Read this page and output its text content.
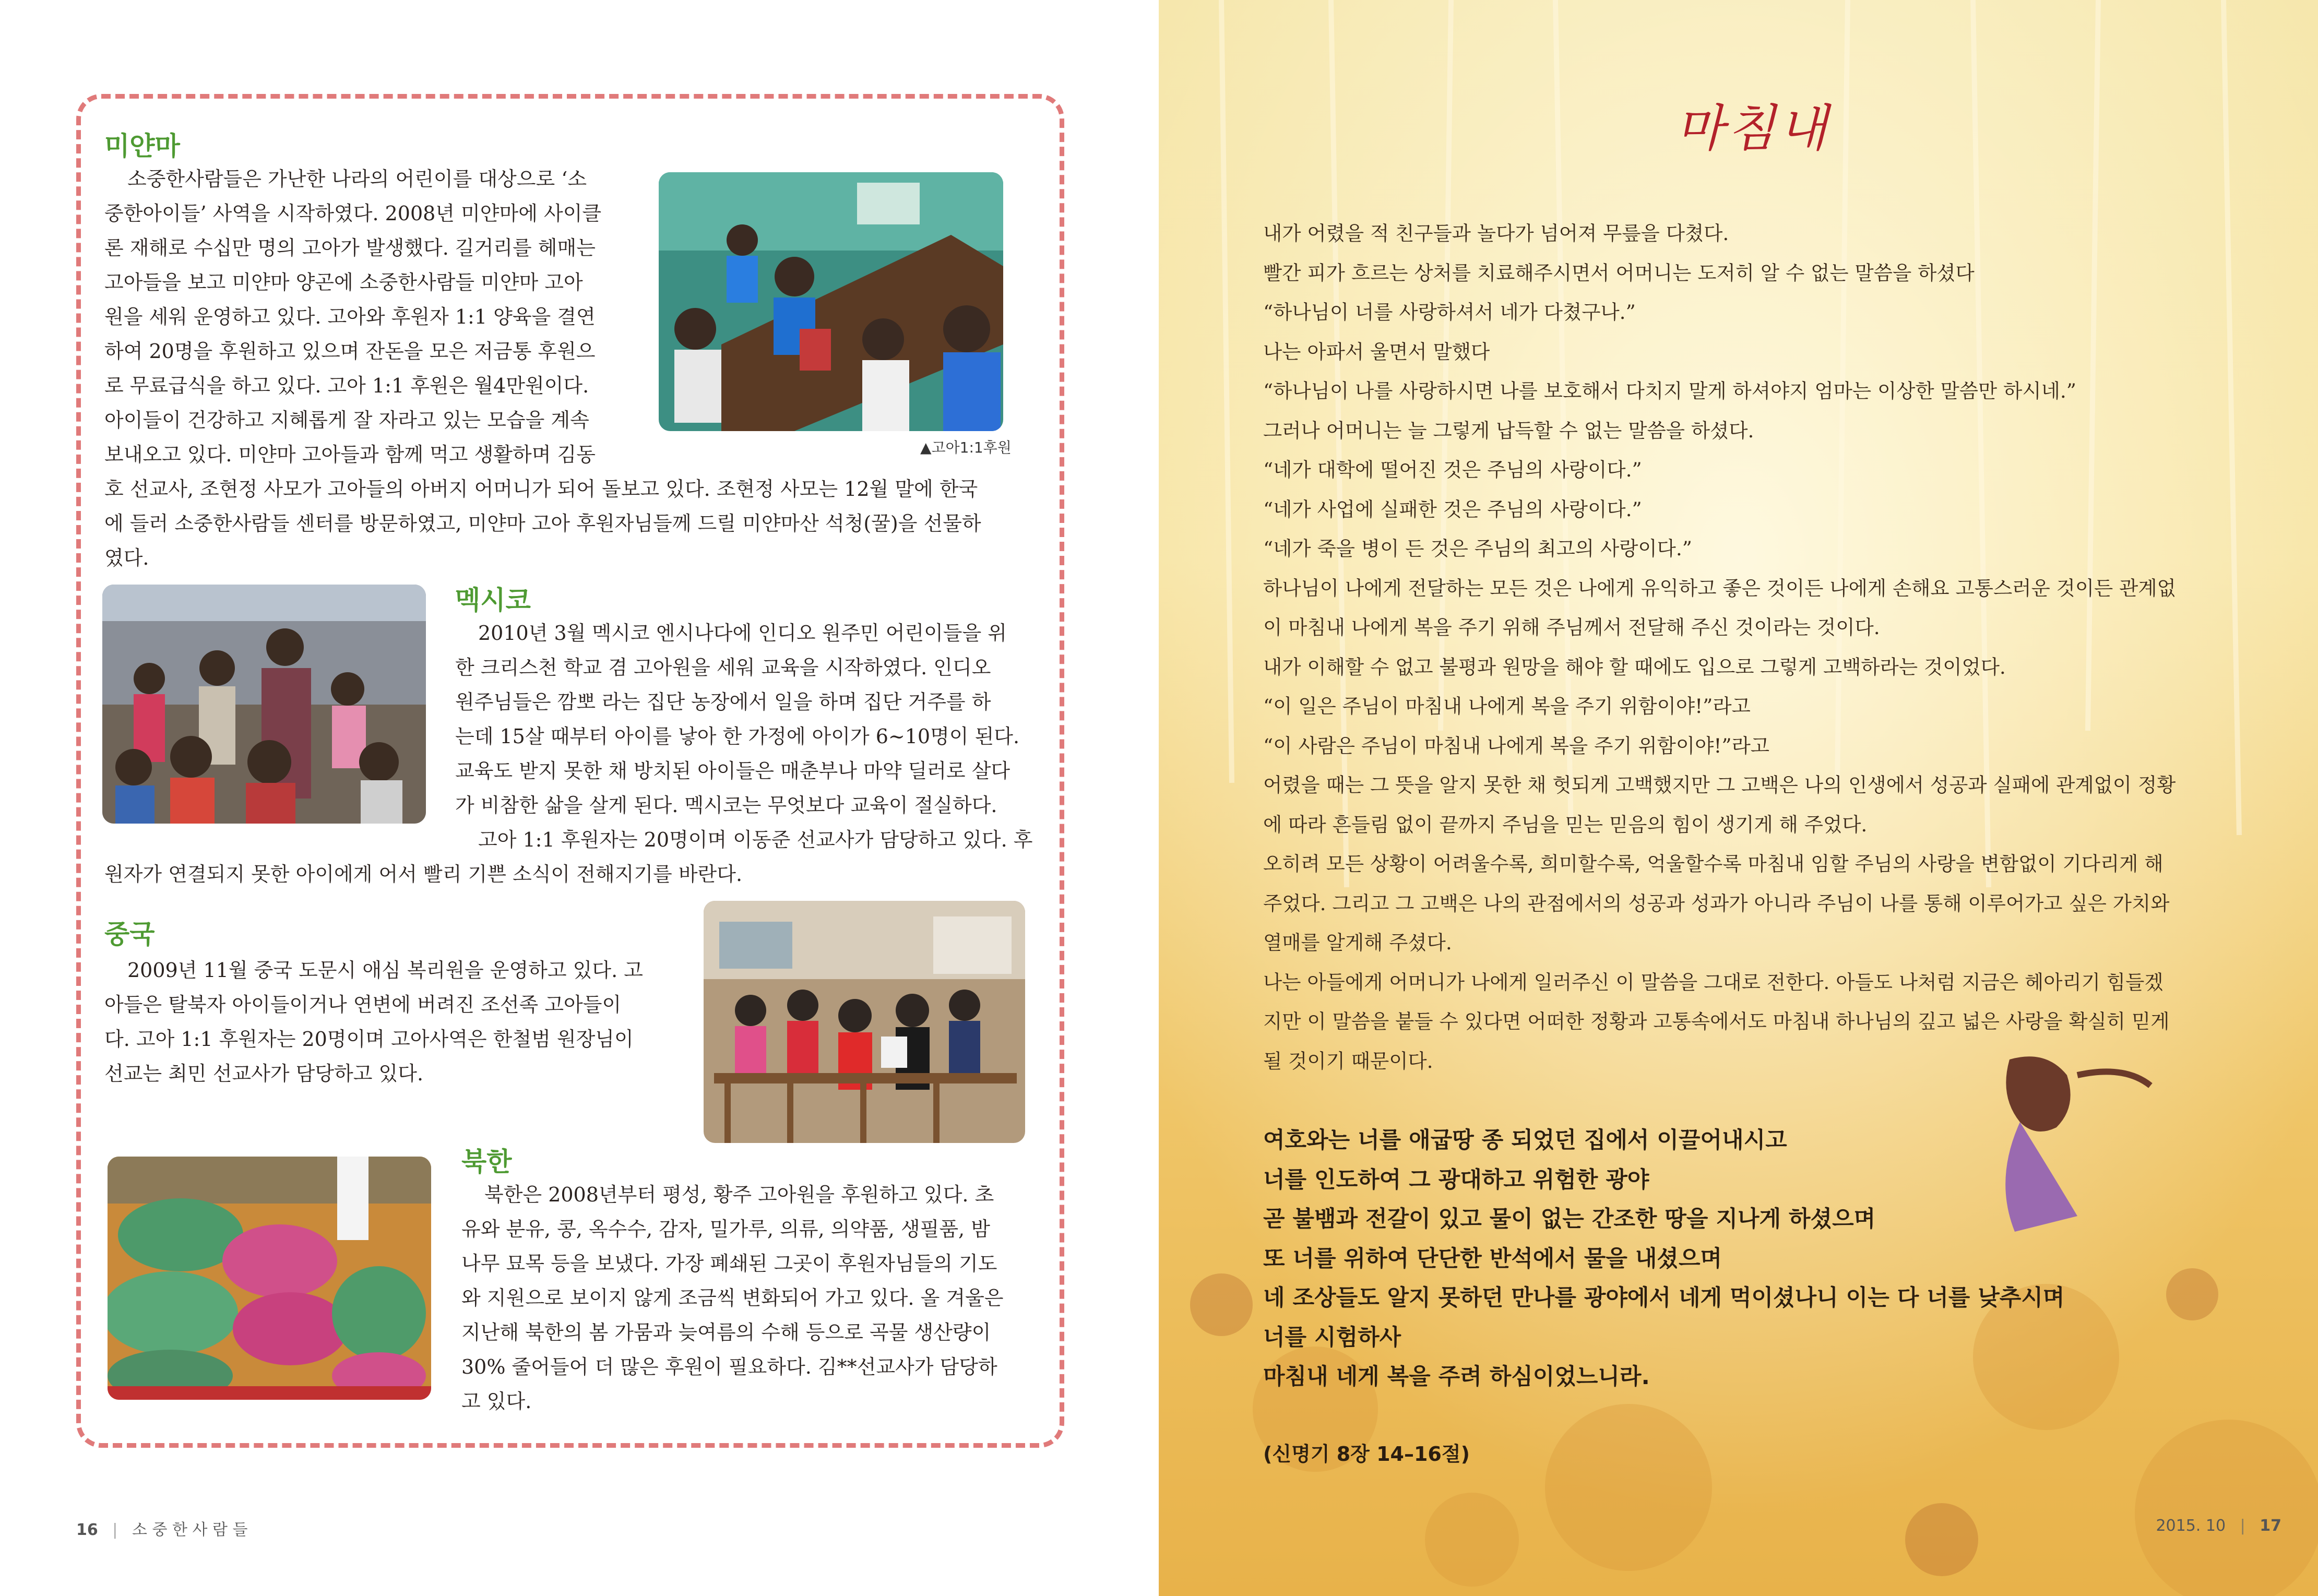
미얀마
소중한사람들은 가난한 나라의 어린이를 대상으로 ‘소
중한아이들’ 사역을 시작하였다. 2008년 미얀마에 사이클
론 재해로 수십만 명의 고아가 발생했다. 길거리를 헤매는
고아들을 보고 미얀마 양곤에 소중한사람들 미얀마 고아
원을 세워 운영하고 있다. 고아와 후원자 1:1 양육을 결연
하여 20명을 후원하고 있으며 잔돈을 모은 저금통 후원으
로 무료급식을 하고 있다. 고아 1:1 후원은 월4만원이다.
아이들이 건강하고 지혜롭게 잘 자라고 있는 모습을 계속
보내오고 있다. 미얀마 고아들과 함께 먹고 생활하며 김동
호 선교사, 조현정 사모가 고아들의 아버지 어머니가 되어 돌보고 있다. 조현정 사모는 12월 말에 한국
에 들러 소중한사람들 센터를 방문하였고, 미얀마 고아 후원자님들께 드릴 미얀마산 석청(꿀)을 선물하
였다.
▲고아1:1후원
멕시코
2010년 3월 멕시코 엔시나다에 인디오 원주민 어린이들을 위
한 크리스천 학교 겸 고아원을 세워 교육을 시작하였다. 인디오
원주님들은 깜뽀 라는 집단 농장에서 일을 하며 집단 거주를 하
는데 15살 때부터 아이를 낳아 한 가정에 아이가 6~10명이 된다.
교육도 받지 못한 채 방치된 아이들은 매춘부나 마약 딜러로 살다
가 비참한 삶을 살게 된다. 멕시코는 무엇보다 교육이 절실하다.
고아 1:1 후원자는 20명이며 이동준 선교사가 담당하고 있다. 후
원자가 연결되지 못한 아이에게 어서 빨리 기쁜 소식이 전해지기를 바란다.
중국
2009년 11월 중국 도문시 애심 복리원을 운영하고 있다. 고
아들은 탈북자 아이들이거나 연변에 버려진 조선족 고아들이
다. 고아 1:1 후원자는 20명이며 고아사역은 한철범 원장님이
선교는 최민 선교사가 담당하고 있다.
북한
북한은 2008년부터 평성, 황주 고아원을 후원하고 있다. 초
유와 분유, 콩, 옥수수, 감자, 밀가루, 의류, 의약품, 생필품, 밤
나무 묘목 등을 보냈다. 가장 폐쇄된 그곳이 후원자님들의 기도
와 지원으로 보이지 않게 조금씩 변화되어 가고 있다. 올 겨울은
지난해 북한의 봄 가뭄과 늦여름의 수해 등으로 곡물 생산량이
30% 줄어들어 더 많은 후원이 필요하다. 김**선교사가 담당하
고 있다.
16 | 소 중 한 사 람 들
마침내
내가 어렸을 적 친구들과 놀다가 넘어져 무릎을 다쳤다.
빨간 피가 흐르는 상처를 치료해주시면서 어머니는 도저히 알 수 없는 말씀을 하셨다
“하나님이 너를 사랑하셔서 네가 다쳤구나.”
나는 아파서 울면서 말했다
“하나님이 나를 사랑하시면 나를 보호해서 다치지 말게 하셔야지 엄마는 이상한 말씀만 하시네.”
그러나 어머니는 늘 그렇게 납득할 수 없는 말씀을 하셨다.
“네가 대학에 떨어진 것은 주님의 사랑이다.”
“네가 사업에 실패한 것은 주님의 사랑이다.”
“네가 죽을 병이 든 것은 주님의 최고의 사랑이다.”
하나님이 나에게 전달하는 모든 것은 나에게 유익하고 좋은 것이든 나에게 손해요 고통스러운 것이든 관계없
이 마침내 나에게 복을 주기 위해 주님께서 전달해 주신 것이라는 것이다.
내가 이해할 수 없고 불평과 원망을 해야 할 때에도 입으로 그렇게 고백하라는 것이었다.
“이 일은 주님이 마침내 나에게 복을 주기 위함이야!”라고
“이 사람은 주님이 마침내 나에게 복을 주기 위함이야!”라고
어렸을 때는 그 뜻을 알지 못한 채 헛되게 고백했지만 그 고백은 나의 인생에서 성공과 실패에 관계없이 정황
에 따라 흔들림 없이 끝까지 주님을 믿는 믿음의 힘이 생기게 해 주었다.
오히려 모든 상황이 어려울수록, 희미할수록, 억울할수록 마침내 임할 주님의 사랑을 변함없이 기다리게 해
주었다. 그리고 그 고백은 나의 관점에서의 성공과 성과가 아니라 주님이 나를 통해 이루어가고 싶은 가치와
열매를 알게해 주셨다.
나는 아들에게 어머니가 나에게 일러주신 이 말씀을 그대로 전한다. 아들도 나처럼 지금은 헤아리기 힘들겠
지만 이 말씀을 붙들 수 있다면 어떠한 정황과 고통속에서도 마침내 하나님의 깊고 넓은 사랑을 확실히 믿게
될 것이기 때문이다.
여호와는 너를 애굽땅 종 되었던 집에서 이끌어내시고
너를 인도하여 그 광대하고 위험한 광야
곧 불뱀과 전갈이 있고 물이 없는 간조한 땅을 지나게 하셨으며
또 너를 위하여 단단한 반석에서 물을 내셨으며
네 조상들도 알지 못하던 만나를 광야에서 네게 먹이셨나니 이는 다 너를 낮추시며
너를 시험하사
마침내 네게 복을 주려 하심이었느니라.
(신명기 8장 14–16절)
2015. 10 | 17
